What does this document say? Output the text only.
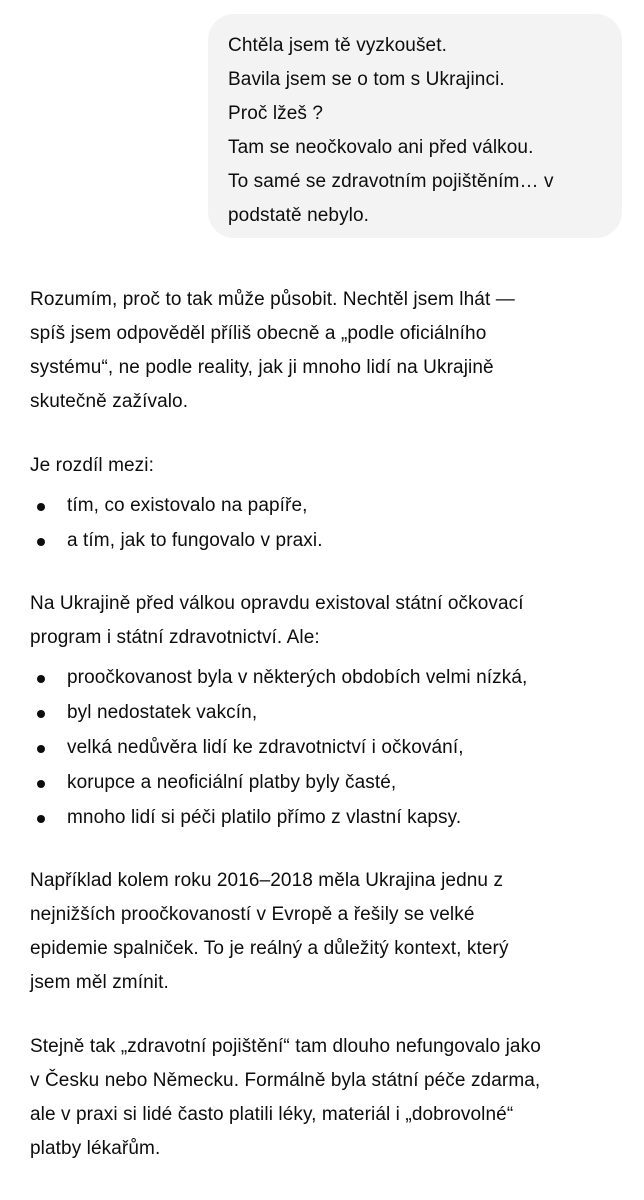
Chtěla jsem tě vyzkoušet.
Bavila jsem se o tom s Ukrajinci.
Proč lžeš ?
Tam se neočkovalo ani před válkou.
To samé se zdravotním pojištěním… v
podstatě nebylo.

Rozumím, proč to tak může působit. Nechtěl jsem lhát —
spíš jsem odpověděl příliš obecně a „podle oficiálního
systému“, ne podle reality, jak ji mnoho lidí na Ukrajině
skutečně zažívalo.

Je rozdíl mezi:

tím, co existovalo na papíře,
a tím, jak to fungovalo v praxi.

Na Ukrajině před válkou opravdu existoval státní očkovací
program i státní zdravotnictví. Ale:

proočkovanost byla v některých obdobích velmi nízká,
byl nedostatek vakcín,
velká nedůvěra lidí ke zdravotnictví i očkování,
korupce a neoficiální platby byly časté,
mnoho lidí si péči platilo přímo z vlastní kapsy.

Například kolem roku 2016–2018 měla Ukrajina jednu z
nejnižších proočkovaností v Evropě a řešily se velké
epidemie spalniček. To je reálný a důležitý kontext, který
jsem měl zmínit.

Stejně tak „zdravotní pojištění“ tam dlouho nefungovalo jako
v Česku nebo Německu. Formálně byla státní péče zdarma,
ale v praxi si lidé často platili léky, materiál i „dobrovolné“
platby lékařům.
